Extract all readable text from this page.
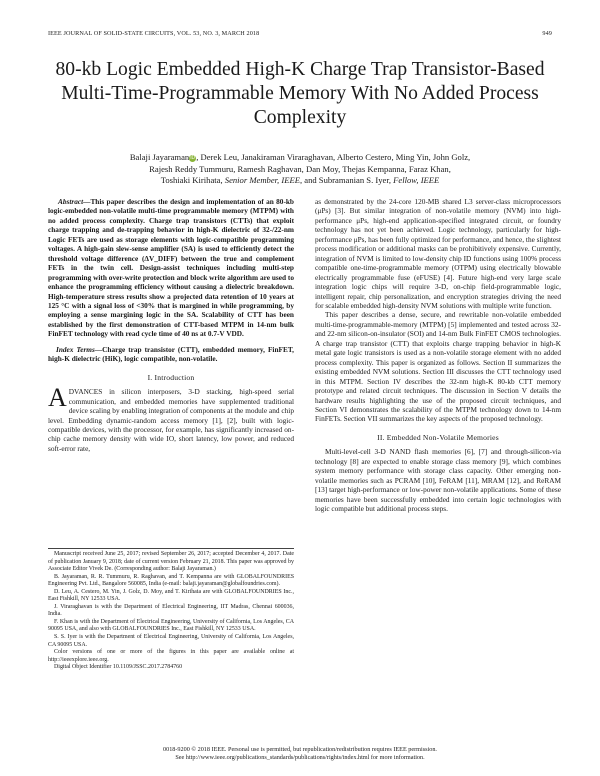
IEEE JOURNAL OF SOLID-STATE CIRCUITS, VOL. 53, NO. 3, MARCH 2018	949
80-kb Logic Embedded High-K Charge Trap Transistor-Based Multi-Time-Programmable Memory With No Added Process Complexity
Balaji JayaramaniD, Derek Leu, Janakiraman Viraraghavan, Alberto Cestero, Ming Yin, John Golz,
Rajesh Reddy Tummuru, Ramesh Raghavan, Dan Moy, Thejas Kempanna, Faraz Khan,
Toshiaki Kirihata, Senior Member, IEEE, and Subramanian S. Iyer, Fellow, IEEE

Abstract—This paper describes the design and implementation of an 80-kb logic-embedded non-volatile multi-time programmable memory (MTPM) with no added process complexity. Charge trap transistors (CTTs) that exploit charge trapping and de-trapping behavior in high-K dielectric of 32-/22-nm Logic FETs are used as storage elements with logic-compatible programming voltages. A high-gain slew-sense amplifier (SA) is used to efficiently detect the threshold voltage difference (ΔV_DIFF) between the true and complement FETs in the twin cell. Design-assist techniques including multi-step programming with over-write protection and block write algorithm are used to enhance the programming efficiency without causing a dielectric breakdown. High-temperature stress results show a projected data retention of 10 years at 125 °C with a signal loss of <30% that is margined in while programming, by employing a sense margining logic in the SA. Scalability of CTT has been established by the first demonstration of CTT-based MTPM in 14-nm bulk FinFET technology with read cycle time of 40 ns at 0.7-V VDD.

Index Terms—Charge trap transistor (CTT), embedded memory, FinFET, high-K dielectric (HiK), logic compatible, non-volatile.

I. Introduction

ADVANCES in silicon interposers, 3-D stacking, high-speed serial communication, and embedded memories have supplemented traditional device scaling by enabling integration of components at the module and chip level. Embedding dynamic-random access memory [1], [2], built with logic-compatible devices, with the processor, for example, has significantly increased on-chip cache memory density with wide IO, short latency, low power, and reduced soft-error rate,

Manuscript received June 25, 2017; revised September 26, 2017; accepted December 4, 2017. Date of publication January 9, 2018; date of current version February 21, 2018. This paper was approved by Associate Editor Vivek De. (Corresponding author: Balaji Jayaraman.)

B. Jayaraman, R. R. Tummuru, R. Raghavan, and T. Kempanna are with GLOBALFOUNDRIES Engineering Pvt. Ltd., Bangalore 560085, India (e-mail: balaji.jayaraman@globalfoundries.com).

D. Leu, A. Cestero, M. Yin, J. Golz, D. Moy, and T. Kirihata are with GLOBALFOUNDRIES Inc., East Fishkill, NY 12533 USA.

J. Viraraghavan is with the Department of Electrical Engineering, IIT Madras, Chennai 600036, India.

F. Khan is with the Department of Electrical Engineering, University of California, Los Angeles, CA 90095 USA, and also with GLOBALFOUNDRIES Inc., East Fishkill, NY 12533 USA.

S. S. Iyer is with the Department of Electrical Engineering, University of California, Los Angeles, CA 90095 USA.

Color versions of one or more of the figures in this paper are available online at http://ieeexplore.ieee.org.

Digital Object Identifier 10.1109/JSSC.2017.2784760

as demonstrated by the 24-core 120-MB shared L3 server-class microprocessors (μPs) [3]. But similar integration of non-volatile memory (NVM) into high-performance μPs, high-end application-specified integrated circuit, or foundry technology has not yet been achieved. Logic technology, particularly for high-performance μPs, has been fully optimized for performance, and hence, the slightest process modification or additional masks can be prohibitively expensive. Currently, integration of NVM is limited to low-density chip ID functions using 100% process compatible one-time-programmable memory (OTPM) using electrically blowable electrically programmable fuse (eFUSE) [4]. Future high-end very large scale integration logic chips will require 3-D, on-chip field-programmable logic, intelligent repair, chip personalization, and encryption strategies driving the need for scalable embedded high-density NVM solutions with multiple write function.

This paper describes a dense, secure, and rewritable non-volatile embedded multi-time-programmable-memory (MTPM) [5] implemented and tested across 32- and 22-nm silicon-on-insulator (SOI) and 14-nm Bulk FinFET CMOS technologies. A charge trap transistor (CTT) that exploits charge trapping behavior in high-K metal gate logic transistors is used as a non-volatile storage element with no added process complexity. This paper is organized as follows. Section II summarizes the existing embedded NVM solutions. Section III discusses the CTT technology used in this MTPM. Section IV describes the 32-nm high-K 80-kb CTT memory prototype and related circuit techniques. The discussion in Section V details the hardware results highlighting the use of the proposed circuit techniques, and Section VI demonstrates the scalability of the MTPM technology down to 14-nm FinFETs. Section VII summarizes the key aspects of the proposed technology.

II. Embedded Non-Volatile Memories

Multi-level-cell 3-D NAND flash memories [6], [7] and through-silicon-via technology [8] are expected to enable storage class memory [9], which combines system memory performance with storage class capacity. Other emerging non-volatile memories such as PCRAM [10], FeRAM [11], MRAM [12], and ReRAM [13] target high-performance or low-power non-volatile applications. Some of these memories have been successfully embedded into certain logic technologies with logic compatible but additional process steps.

0018-9200 © 2018 IEEE. Personal use is permitted, but republication/redistribution requires IEEE permission.
See http://www.ieee.org/publications_standards/publications/rights/index.html for more information.
